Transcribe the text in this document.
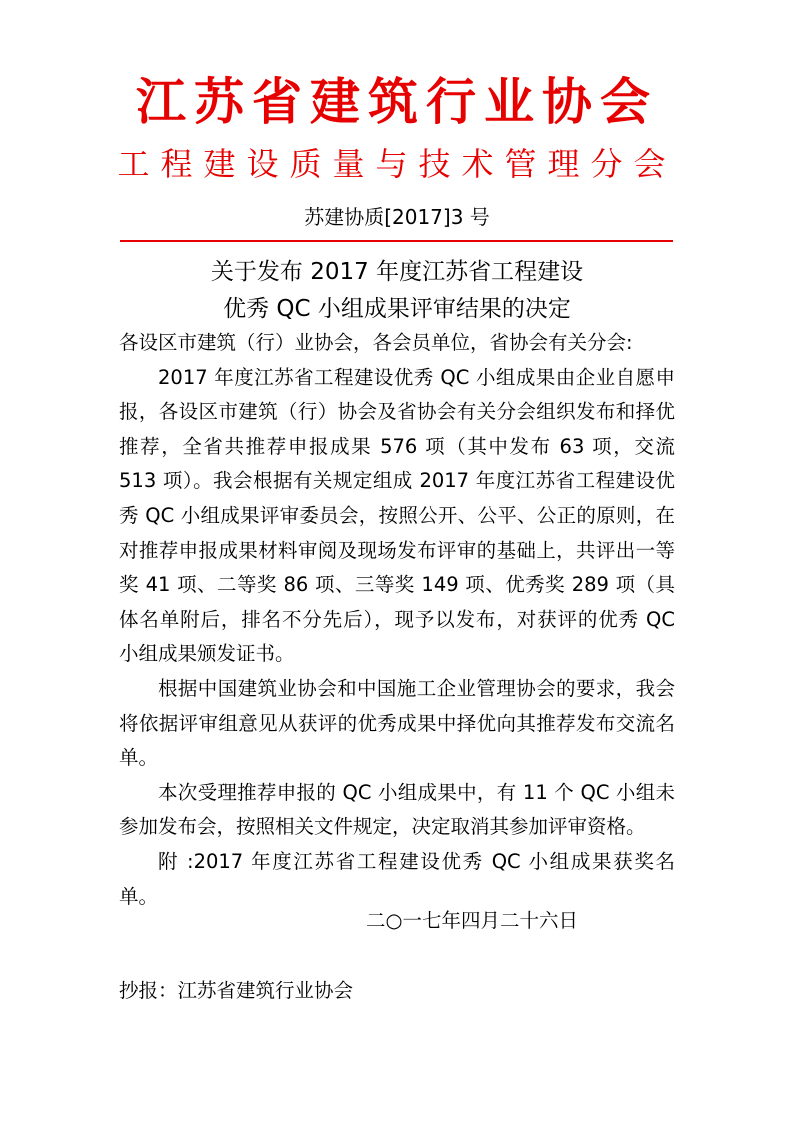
江苏省建筑行业协会
工程建设质量与技术管理分会
苏建协质[2017]3 号
关于发布 2017 年度江苏省工程建设
优秀 QC 小组成果评审结果的决定

各设区市建筑（行）业协会，各会员单位，省协会有关分会:

2017 年度江苏省工程建设优秀 QC 小组成果由企业自愿申报，各设区市建筑（行）协会及省协会有关分会组织发布和择优推荐，全省共推荐申报成果 576 项（其中发布 63 项，交流 513 项）。我会根据有关规定组成 2017 年度江苏省工程建设优秀 QC 小组成果评审委员会，按照公开、公平、公正的原则，在对推荐申报成果材料审阅及现场发布评审的基础上，共评出一等奖 41 项、二等奖 86 项、三等奖 149 项、优秀奖 289 项（具体名单附后，排名不分先后），现予以发布，对获评的优秀 QC 小组成果颁发证书。

根据中国建筑业协会和中国施工企业管理协会的要求，我会将依据评审组意见从获评的优秀成果中择优向其推荐发布交流名单。

本次受理推荐申报的 QC 小组成果中，有 11 个 QC 小组未参加发布会，按照相关文件规定，决定取消其参加评审资格。

附 :2017 年度江苏省工程建设优秀 QC 小组成果获奖名单。

二○一七年四月二十六日
抄报：江苏省建筑行业协会
